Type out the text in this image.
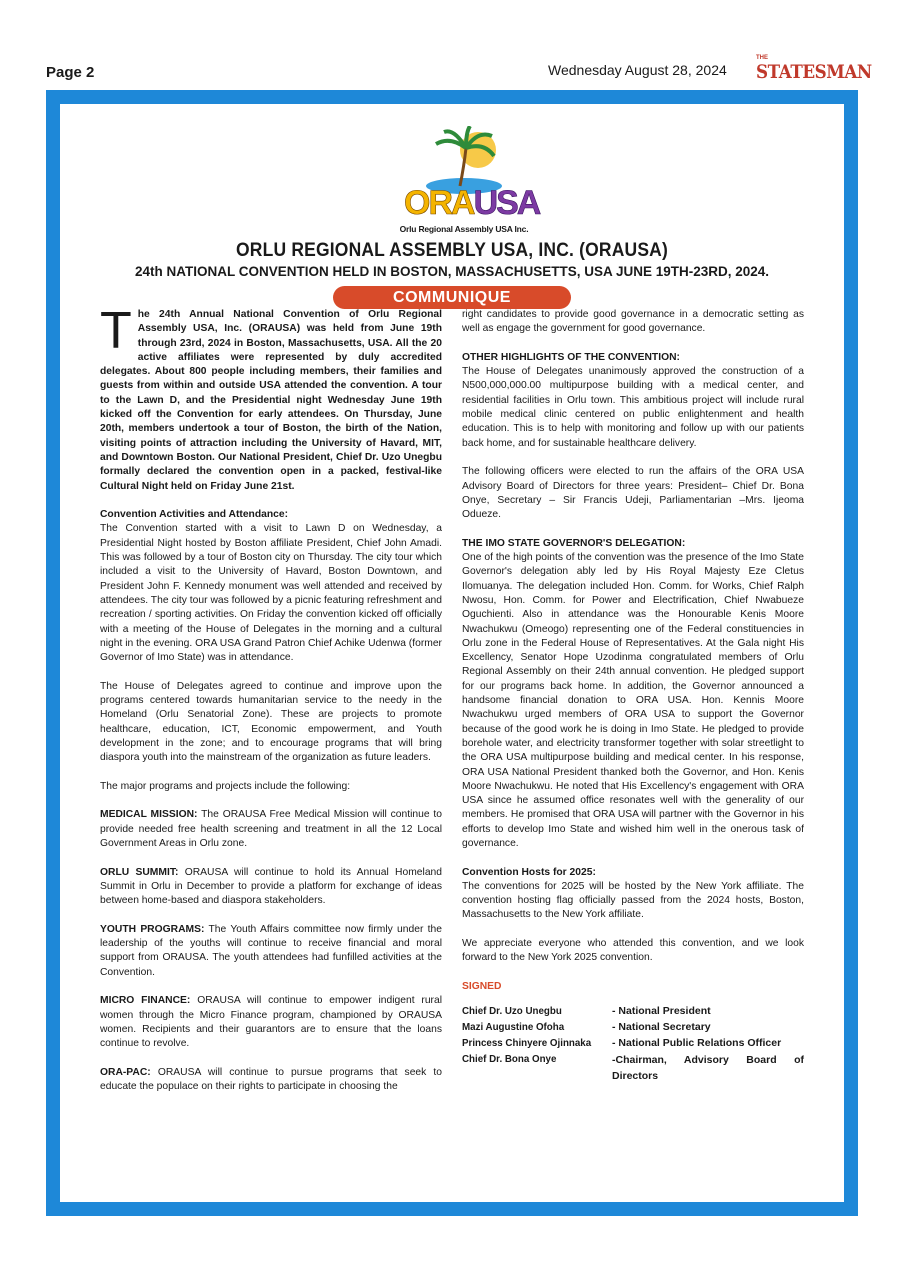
Page 2	Wednesday August 28, 2024
THE
STATESMAN
ORAUSA
Orlu Regional Assembly USA Inc.
ORLU REGIONAL ASSEMBLY USA, INC. (ORAUSA)
24th NATIONAL CONVENTION HELD IN BOSTON, MASSACHUSETTS, USA JUNE 19TH-23RD, 2024.
COMMUNIQUE

The 24th Annual National Convention of Orlu Regional Assembly USA, Inc. (ORAUSA) was held from June 19th through 23rd, 2024 in Boston, Massachusetts, USA. All the 20 active affiliates were represented by duly accredited delegates. About 800 people including members, their families and guests from within and outside USA attended the convention. A tour to the Lawn D, and the Presidential night Wednesday June 19th kicked off the Convention for early attendees. On Thursday, June 20th, members undertook a tour of Boston, the birth of the Nation, visiting points of attraction including the University of Havard, MIT, and Downtown Boston. Our National President, Chief Dr. Uzo Unegbu formally declared the convention open in a packed, festival-like Cultural Night held on Friday June 21st.

Convention Activities and Attendance:
The Convention started with a visit to Lawn D on Wednesday, a Presidential Night hosted by Boston affiliate President, Chief John Amadi. This was followed by a tour of Boston city on Thursday. The city tour which included a visit to the University of Havard, Boston Downtown, and President John F. Kennedy monument was well attended and received by attendees. The city tour was followed by a picnic featuring refreshment and recreation / sporting activities. On Friday the convention kicked off officially with a meeting of the House of Delegates in the morning and a cultural night in the evening. ORA USA Grand Patron Chief Achike Udenwa (former Governor of Imo State) was in attendance.

The House of Delegates agreed to continue and improve upon the programs centered towards humanitarian service to the needy in the Homeland (Orlu Senatorial Zone). These are projects to promote healthcare, education, ICT, Economic empowerment, and Youth development in the zone; and to encourage programs that will bring diaspora youth into the mainstream of the organization as future leaders.

The major programs and projects include the following:

MEDICAL MISSION: The ORAUSA Free Medical Mission will continue to provide needed free health screening and treatment in all the 12 Local Government Areas in Orlu zone.

ORLU SUMMIT: ORAUSA will continue to hold its Annual Homeland Summit in Orlu in December to provide a platform for exchange of ideas between home-based and diaspora stakeholders.

YOUTH PROGRAMS: The Youth Affairs committee now firmly under the leadership of the youths will continue to receive financial and moral support from ORAUSA. The youth attendees had funfilled activities at the Convention.

MICRO FINANCE: ORAUSA will continue to empower indigent rural women through the Micro Finance program, championed by ORAUSA women. Recipients and their guarantors are to ensure that the loans continue to revolve.

ORA-PAC: ORAUSA will continue to pursue programs that seek to educate the populace on their rights to participate in choosing the

right candidates to provide good governance in a democratic setting as well as engage the government for good governance.

OTHER HIGHLIGHTS OF THE CONVENTION:
The House of Delegates unanimously approved the construction of a N500,000,000.00 multipurpose building with a medical center, and residential facilities in Orlu town. This ambitious project will include rural mobile medical clinic centered on public enlightenment and health education. This is to help with monitoring and follow up with our patients back home, and for sustainable healthcare delivery.

The following officers were elected to run the affairs of the ORA USA Advisory Board of Directors for three years: President– Chief Dr. Bona Onye, Secretary – Sir Francis Udeji, Parliamentarian –Mrs. Ijeoma Odueze.

THE IMO STATE GOVERNOR'S DELEGATION:
One of the high points of the convention was the presence of the Imo State Governor's delegation ably led by His Royal Majesty Eze Cletus Ilomuanya. The delegation included Hon. Comm. for Works, Chief Ralph Nwosu, Hon. Comm. for Power and Electrification, Chief Nwabueze Oguchienti. Also in attendance was the Honourable Kenis Moore Nwachukwu (Omeogo) representing one of the Federal constituencies in Orlu zone in the Federal House of Representatives. At the Gala night His Excellency, Senator Hope Uzodinma congratulated members of Orlu Regional Assembly on their 24th annual convention. He pledged support for our programs back home. In addition, the Governor announced a handsome financial donation to ORA USA. Hon. Kennis Moore Nwachukwu urged members of ORA USA to support the Governor because of the good work he is doing in Imo State. He pledged to provide borehole water, and electricity transformer together with solar streetlight to the ORA USA multipurpose building and medical center. In his response, ORA USA National President thanked both the Governor, and Hon. Kenis Moore Nwachukwu. He noted that His Excellency's engagement with ORA USA since he assumed office resonates well with the generality of our members. He promised that ORA USA will partner with the Governor in his efforts to develop Imo State and wished him well in the onerous task of governance.

Convention Hosts for 2025:
The conventions for 2025 will be hosted by the New York affiliate. The convention hosting flag officially passed from the 2024 hosts, Boston, Massachusetts to the New York affiliate.

We appreciate everyone who attended this convention, and we look forward to the New York 2025 convention.

SIGNED
Chief Dr. Uzo Unegbu	- National President
Mazi Augustine Ofoha	- National Secretary
Princess Chinyere Ojinnaka - National Public Relations Officer
Chief Dr. Bona Onye	-Chairman, Advisory Board of Directors
